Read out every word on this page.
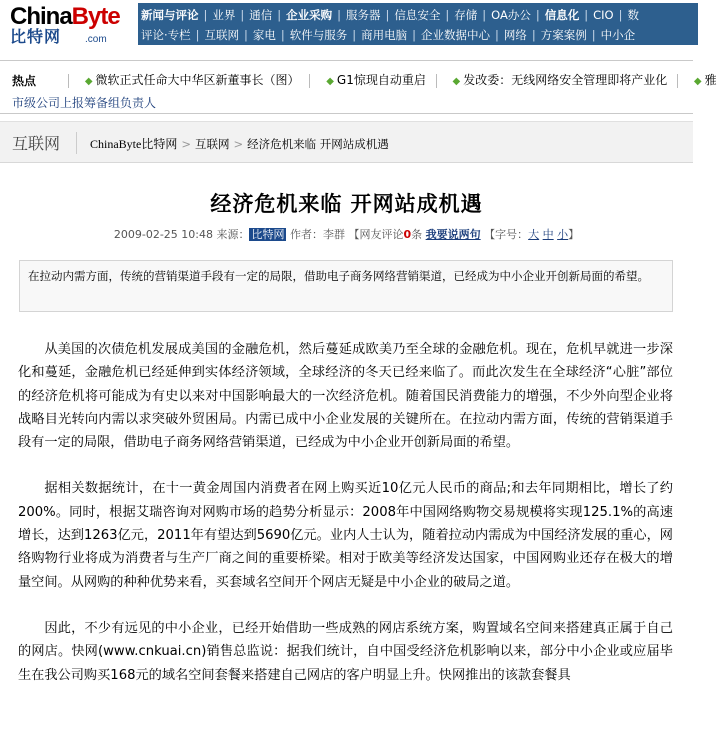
ChinaByte
比特网 .com
新闻与评论 | 业界 | 通信 | 企业采购 | 服务器 | 信息安全 | 存储 | OA办公 | 信息化 | CIO | 数
评论·专栏 | 互联网 | 家电 | 软件与服务 | 商用电脑 | 企业数据中心 | 网络 | 方案案例 | 中小企
热点	◆ 微软正式任命大中华区新董事长（图）	◆ G1惊现自动重启	◆ 发改委：无线网络安全管理即将产业化	◆ 雅
市级公司上报筹备组负责人
互联网 ChinaByte比特网 > 互联网 > 经济危机来临 开网站成机遇
经济危机来临 开网站成机遇
2009-02-25 10:48 来源： 比特网 作者：李群 【网友评论0条 我要说两句 【字号：大 中 小】
在拉动内需方面，传统的营销渠道手段有一定的局限，借助电子商务网络营销渠道，已经成为中小企业开创新局面的希望。

从美国的次债危机发展成美国的金融危机，然后蔓延成欧美乃至全球的金融危机。现在，危机早就进一步深化和蔓延，金融危机已经延伸到实体经济领域，全球经济的冬天已经来临了。而此次发生在全球经济“心脏”部位的经济危机将可能成为有史以来对中国影响最大的一次经济危机。随着国民消费能力的增强，不少外向型企业将战略目光转向内需以求突破外贸困局。内需已成中小企业发展的关键所在。在拉动内需方面，传统的营销渠道手段有一定的局限，借助电子商务网络营销渠道，已经成为中小企业开创新局面的希望。

据相关数据统计，在十一黄金周国内消费者在网上购买近10亿元人民币的商品;和去年同期相比，增长了约200%。同时，根据艾瑞咨询对网购市场的趋势分析显示：2008年中国网络购物交易规模将实现125.1%的高速增长，达到1263亿元，2011年有望达到5690亿元。业内人士认为，随着拉动内需成为中国经济发展的重心，网络购物行业将成为消费者与生产厂商之间的重要桥梁。相对于欧美等经济发达国家，中国网购业还存在极大的增量空间。从网购的种种优势来看，买套域名空间开个网店无疑是中小企业的破局之道。

因此，不少有远见的中小企业，已经开始借助一些成熟的网店系统方案，购置域名空间来搭建真正属于自己的网店。快网(www.cnkuai.cn)销售总监说：据我们统计，自中国受经济危机影响以来，部分中小企业或应届毕生在我公司购买168元的域名空间套餐来搭建自己网店的客户明显上升。快网推出的该款套餐具
